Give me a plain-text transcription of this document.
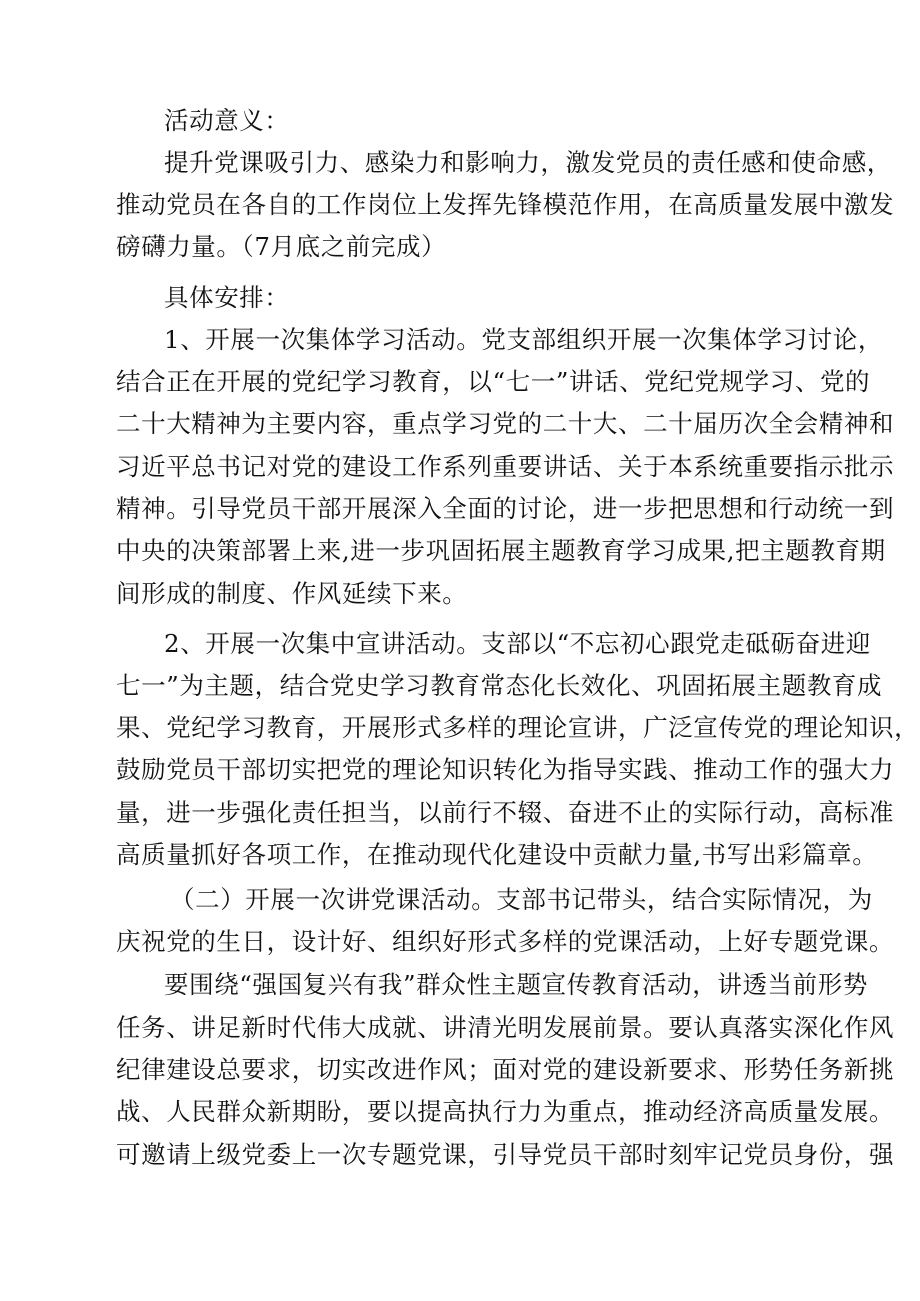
活动意义：
提升党课吸引力、感染力和影响力，激发党员的责任感和使命感，
推动党员在各自的工作岗位上发挥先锋模范作用，在高质量发展中激发
磅礴力量。（7月底之前完成）
具体安排：
1、开展一次集体学习活动。党支部组织开展一次集体学习讨论，
结合正在开展的党纪学习教育，以“七一”讲话、党纪党规学习、党的
二十大精神为主要内容，重点学习党的二十大、二十届历次全会精神和
习近平总书记对党的建设工作系列重要讲话、关于本系统重要指示批示
精神。引导党员干部开展深入全面的讨论，进一步把思想和行动统一到
中央的决策部署上来,进一步巩固拓展主题教育学习成果,把主题教育期
间形成的制度、作风延续下来。
2、开展一次集中宣讲活动。支部以“不忘初心跟党走砥砺奋进迎
七一”为主题，结合党史学习教育常态化长效化、巩固拓展主题教育成
果、党纪学习教育，开展形式多样的理论宣讲，广泛宣传党的理论知识，
鼓励党员干部切实把党的理论知识转化为指导实践、推动工作的强大力
量，进一步强化责任担当，以前行不辍、奋进不止的实际行动，高标准
高质量抓好各项工作，在推动现代化建设中贡献力量,书写出彩篇章。
（二）开展一次讲党课活动。支部书记带头，结合实际情况，为
庆祝党的生日，设计好、组织好形式多样的党课活动，上好专题党课。
要围绕“强国复兴有我”群众性主题宣传教育活动，讲透当前形势
任务、讲足新时代伟大成就、讲清光明发展前景。要认真落实深化作风
纪律建设总要求，切实改进作风；面对党的建设新要求、形势任务新挑
战、人民群众新期盼，要以提高执行力为重点，推动经济高质量发展。
可邀请上级党委上一次专题党课，引导党员干部时刻牢记党员身份，强
